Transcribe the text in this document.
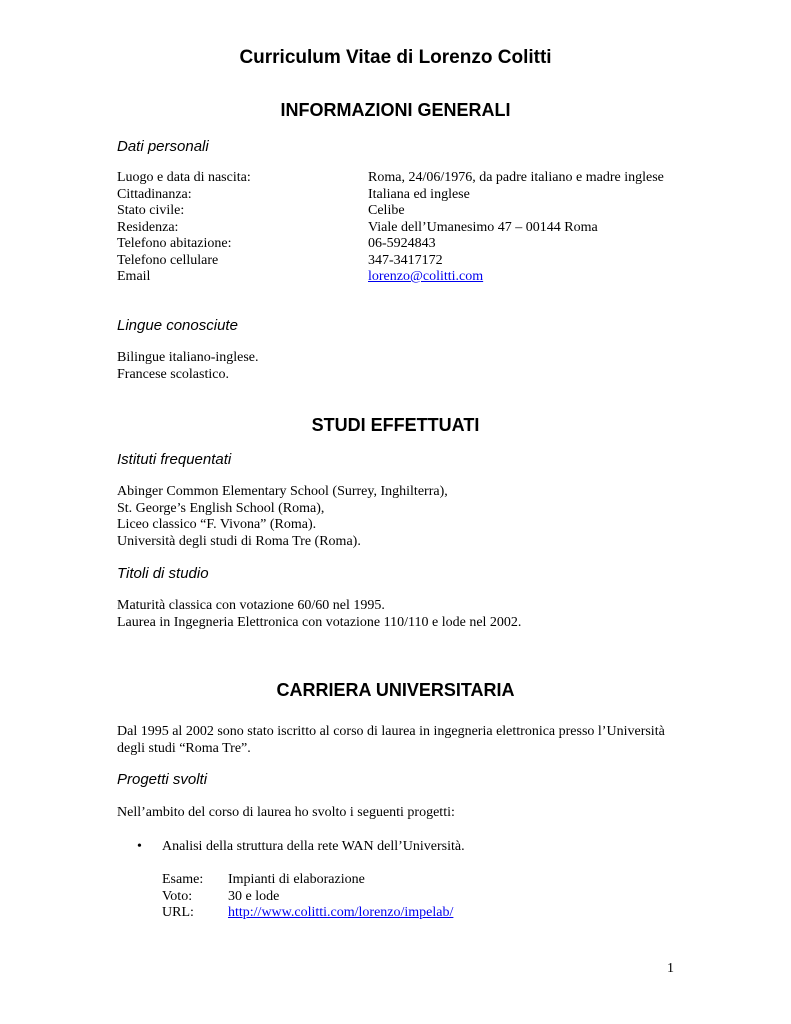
Curriculum Vitae di Lorenzo Colitti
INFORMAZIONI GENERALI
Dati personali
Luogo e data di nascita:
Cittadinanza:
Stato civile:
Residenza:
Telefono abitazione:
Telefono cellulare
Email
Roma, 24/06/1976, da padre italiano e madre inglese
Italiana ed inglese
Celibe
Viale dell’Umanesimo 47 – 00144 Roma
06-5924843
347-3417172
lorenzo@colitti.com
Lingue conosciute
Bilingue italiano-inglese.
Francese scolastico.
STUDI EFFETTUATI
Istituti frequentati
Abinger Common Elementary School (Surrey, Inghilterra),
St. George’s English School (Roma),
Liceo classico “F. Vivona” (Roma).
Università degli studi di Roma Tre (Roma).
Titoli di studio
Maturità classica con votazione 60/60 nel 1995.
Laurea in Ingegneria Elettronica con votazione 110/110 e lode nel 2002.
CARRIERA UNIVERSITARIA
Dal 1995 al 2002 sono stato iscritto al corso di laurea in ingegneria elettronica presso l’Università
degli studi “Roma Tre”.
Progetti svolti
Nell’ambito del corso di laurea ho svolto i seguenti progetti:
• Analisi della struttura della rete WAN dell’Università.
Esame:
Voto:
URL:
Impianti di elaborazione
30 e lode
http://www.colitti.com/lorenzo/impelab/
1
